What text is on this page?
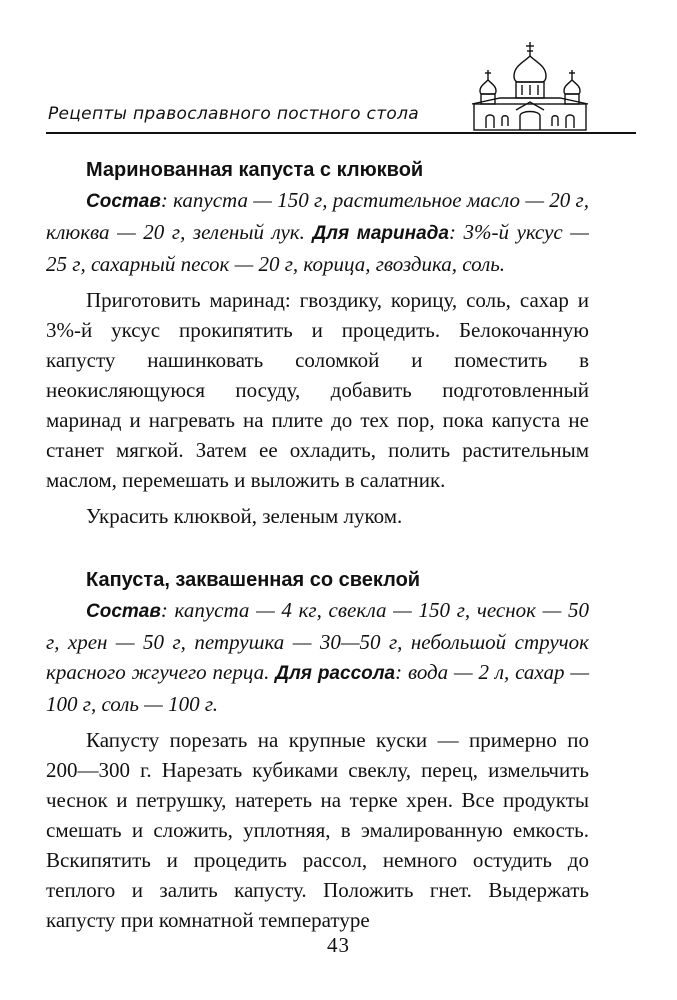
Рецепты православного постного стола

Маринованная капуста с клюквой

Состав: капуста — 150 г, растительное масло — 20 г, клюква — 20 г, зеленый лук. Для маринада: 3%-й уксус — 25 г, сахарный песок — 20 г, корица, гвоздика, соль.

Приготовить маринад: гвоздику, корицу, соль, сахар и 3%-й уксус прокипятить и процедить. Белокочанную капусту нашинковать соломкой и поместить в неокисляющуюся посуду, добавить подготовленный маринад и нагревать на плите до тех пор, пока капуста не станет мягкой. Затем ее охладить, полить растительным маслом, перемешать и выложить в салатник.

Украсить клюквой, зеленым луком.

Капуста, заквашенная со свеклой

Состав: капуста — 4 кг, свекла — 150 г, чеснок — 50 г, хрен — 50 г, петрушка — 30—50 г, небольшой стручок красного жгучего перца. Для рассола: вода — 2 л, сахар — 100 г, соль — 100 г.

Капусту порезать на крупные куски — примерно по 200—300 г. Нарезать кубиками свеклу, перец, измельчить чеснок и петрушку, натереть на терке хрен. Все продукты смешать и сложить, уплотняя, в эмалированную емкость. Вскипятить и процедить рассол, немного остудить до теплого и залить капусту. Положить гнет. Выдержать капусту при комнатной температуре

43
